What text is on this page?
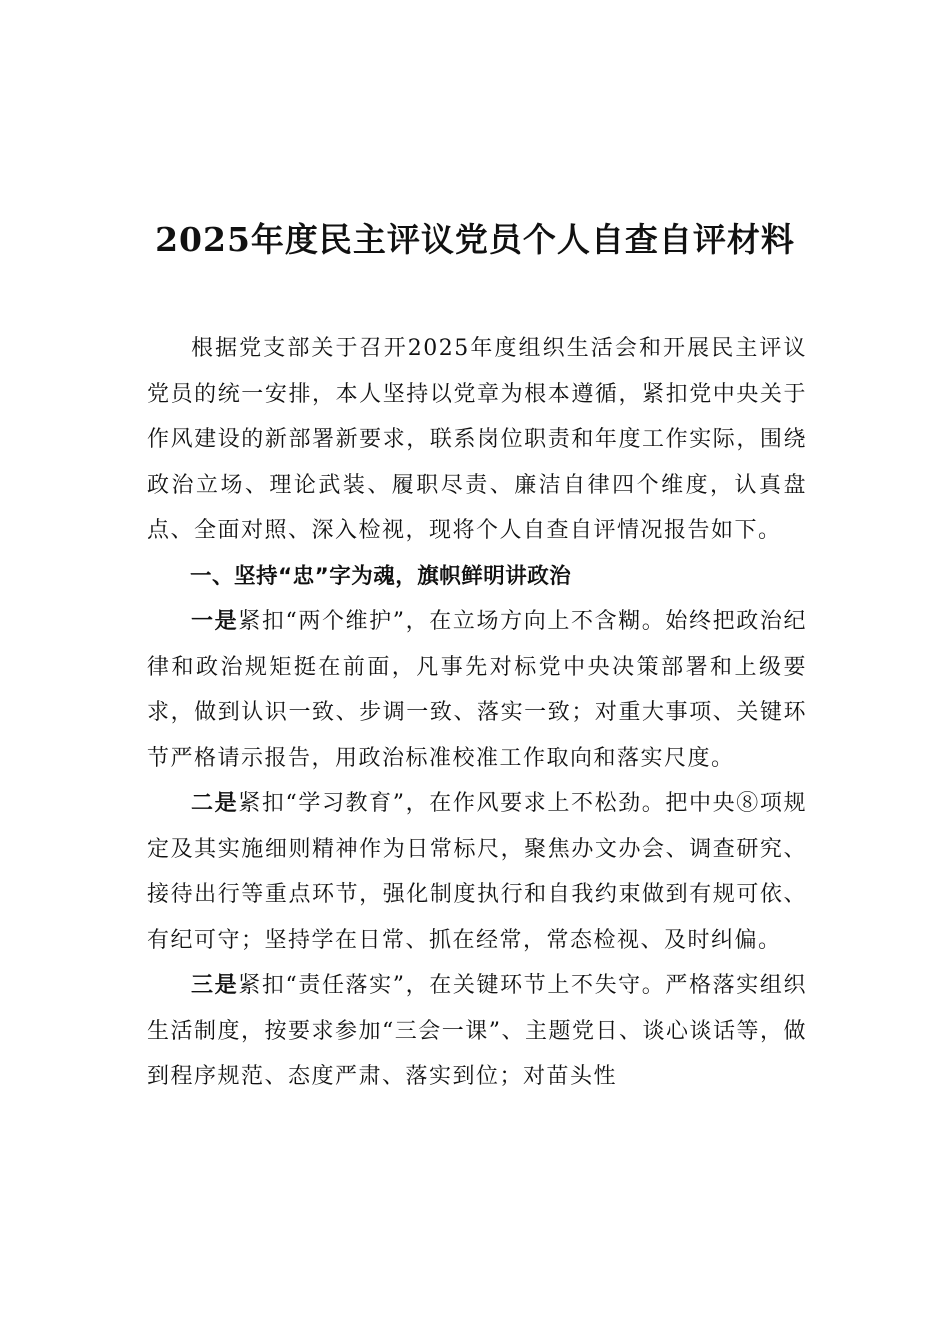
2025年度民主评议党员个人自查自评材料

根据党支部关于召开2025年度组织生活会和开展民主评议党员的统一安排，本人坚持以党章为根本遵循，紧扣党中央关于作风建设的新部署新要求，联系岗位职责和年度工作实际，围绕政治立场、理论武装、履职尽责、廉洁自律四个维度，认真盘点、全面对照、深入检视，现将个人自查自评情况报告如下。

一、坚持“忠”字为魂，旗帜鲜明讲政治

一是紧扣“两个维护”，在立场方向上不含糊。始终把政治纪律和政治规矩挺在前面，凡事先对标党中央决策部署和上级要求，做到认识一致、步调一致、落实一致；对重大事项、关键环节严格请示报告，用政治标准校准工作取向和落实尺度。

二是紧扣“学习教育”，在作风要求上不松劲。把中央⑧项规定及其实施细则精神作为日常标尺，聚焦办文办会、调查研究、接待出行等重点环节，强化制度执行和自我约束做到有规可依、有纪可守；坚持学在日常、抓在经常，常态检视、及时纠偏。

三是紧扣“责任落实”，在关键环节上不失守。严格落实组织生活制度，按要求参加“三会一课”、主题党日、谈心谈话等，做到程序规范、态度严肃、落实到位；对苗头性
